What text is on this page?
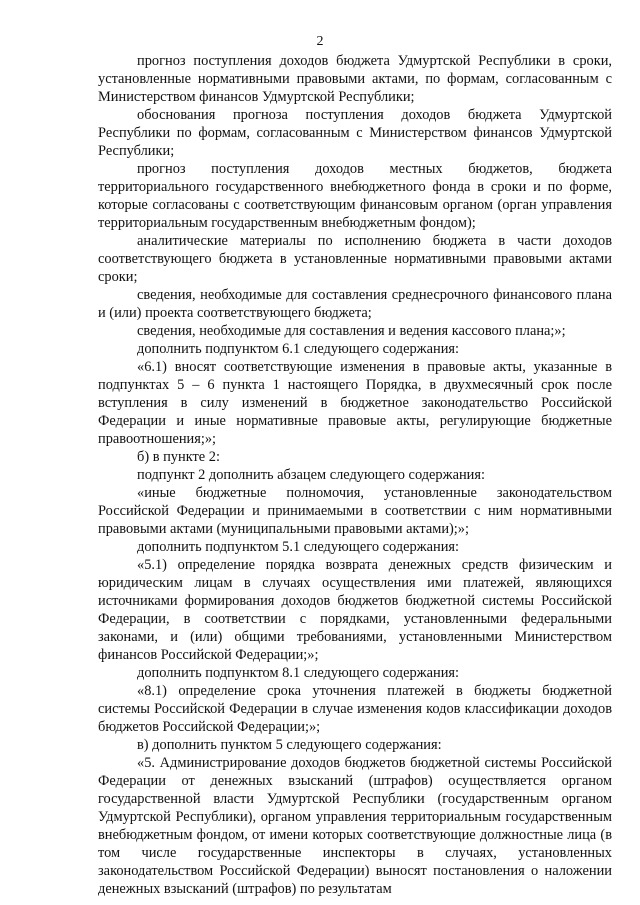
2

прогноз поступления доходов бюджета Удмуртской Республики в сроки, установленные нормативными правовыми актами, по формам, согласованным с Министерством финансов Удмуртской Республики;

обоснования прогноза поступления доходов бюджета Удмуртской Республики по формам, согласованным с Министерством финансов Удмуртской Республики;

прогноз поступления доходов местных бюджетов, бюджета территориального государственного внебюджетного фонда в сроки и по форме, которые согласованы с соответствующим финансовым органом (орган управления территориальным государственным внебюджетным фондом);

аналитические материалы по исполнению бюджета в части доходов соответствующего бюджета в установленные нормативными правовыми актами сроки;

сведения, необходимые для составления среднесрочного финансового плана и (или) проекта соответствующего бюджета;

сведения, необходимые для составления и ведения кассового плана;»;

дополнить подпунктом 6.1 следующего содержания:

«6.1) вносят соответствующие изменения в правовые акты, указанные в подпунктах 5 – 6 пункта 1 настоящего Порядка, в двухмесячный срок после вступления в силу изменений в бюджетное законодательство Российской Федерации и иные нормативные правовые акты, регулирующие бюджетные правоотношения;»;

б) в пункте 2:

подпункт 2 дополнить абзацем следующего содержания:

«иные бюджетные полномочия, установленные законодательством Российской Федерации и принимаемыми в соответствии с ним нормативными правовыми актами (муниципальными правовыми актами);»;

дополнить подпунктом 5.1 следующего содержания:

«5.1) определение порядка возврата денежных средств физическим и юридическим лицам в случаях осуществления ими платежей, являющихся источниками формирования доходов бюджетов бюджетной системы Российской Федерации, в соответствии с порядками, установленными федеральными законами, и (или) общими требованиями, установленными Министерством финансов Российской Федерации;»;

дополнить подпунктом 8.1 следующего содержания:

«8.1) определение срока уточнения платежей в бюджеты бюджетной системы Российской Федерации в случае изменения кодов классификации доходов бюджетов Российской Федерации;»;

в) дополнить пунктом 5 следующего содержания:

«5. Администрирование доходов бюджетов бюджетной системы Российской Федерации от денежных взысканий (штрафов) осуществляется органом государственной власти Удмуртской Республики (государственным органом Удмуртской Республики), органом управления территориальным государственным внебюджетным фондом, от имени которых соответствующие должностные лица (в том числе государственные инспекторы в случаях, установленных законодательством Российской Федерации) выносят постановления о наложении денежных взысканий (штрафов) по результатам
